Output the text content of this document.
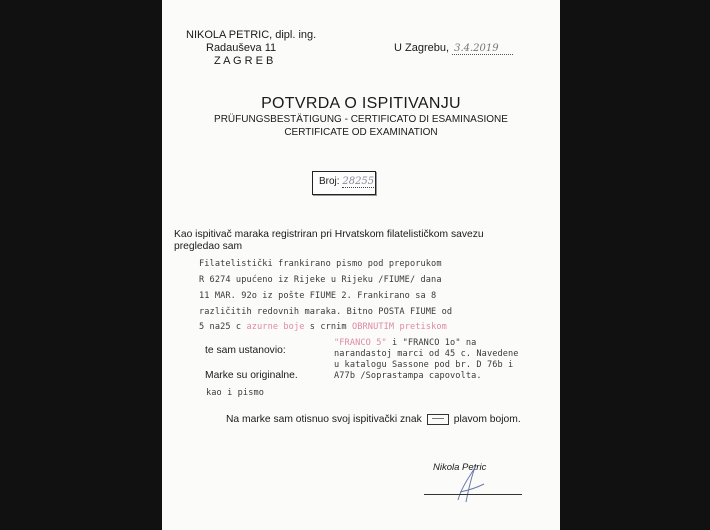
NIKOLA PETRIC, dipl. ing.
Radauševa 11
Z A G R E B
U Zagrebu, 3.4.2019
POTVRDA O ISPITIVANJU
PRÜFUNGSBESTÄTIGUNG - CERTIFICATO DI ESAMINASIONE
CERTIFICATE OD EXAMINATION
Broj: 28255
Kao ispitivač maraka registriran pri Hrvatskom filatelističkom savezu
pregledao sam
Filatelistički frankirano pismo pod preporukom
R 6274 upućeno iz Rijeke u Rijeku /FIUME/ dana
11 MAR. 92o iz pošte FIUME 2. Frankirano sa 8
različitih redovnih maraka. Bitno POSTA FIUME od
5 na25 c azurne boje s crnim OBRNUTIM pretiskom
te sam ustanovio:
"FRANCO 5" i "FRANCO 1o" na
narandastoj marci od 45 c. Navedene
u katalogu Sassone pod br. D 76b i
A77b /Soprastampa capovolta.
Marke su originalne.
kao i pismo
Na marke sam otisnuo svoj ispitivački znak	plavom bojom.
Nikola Petric
